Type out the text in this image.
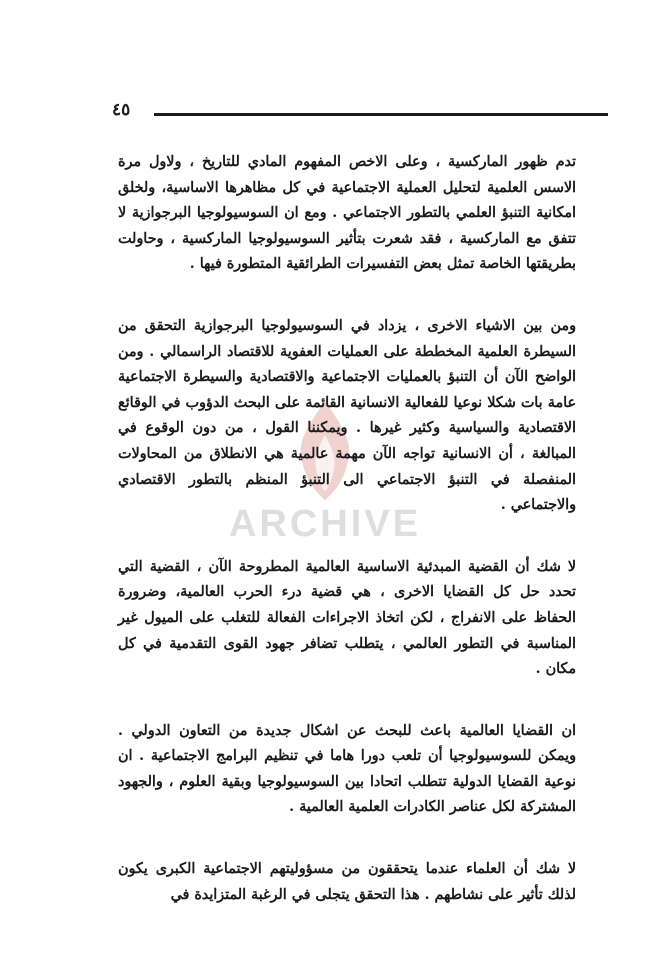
٤٥
ARCHIVE

تدم ظهور الماركسية ، وعلى الاخص المفهوم المادي للتاريخ ، ولاول مرة الاسس العلمية لتحليل العملية الاجتماعية في كل مظاهرها الاساسية، ولخلق امكانية التنبؤ العلمي بالتطور الاجتماعي . ومع ان السوسيولوجيا البرجوازية لا تتفق مع الماركسية ، فقد شعرت بتأثير السوسيولوجيا الماركسية ، وحاولت بطريقتها الخاصة تمثل بعض التفسيرات الطرائقية المتطورة فيها .

ومن بين الاشياء الاخرى ، يزداد في السوسيولوجيا البرجوازية التحقق من السيطرة العلمية المخططة على العمليات العفوية للاقتصاد الراسمالي . ومن الواضح الآن أن التنبؤ بالعمليات الاجتماعية والاقتصادية والسيطرة الاجتماعية عامة بات شكلا نوعيا للفعالية الانسانية القائمة على البحث الدؤوب في الوقائع الاقتصادية والسياسية وكثير غيرها . ويمكننا القول ، من دون الوقوع في المبالغة ، أن الانسانية تواجه الآن مهمة عالمية هي الانطلاق من المحاولات المنفصلة في التنبؤ الاجتماعي الى التنبؤ المنظم بالتطور الاقتصادي والاجتماعي .

لا شك أن القضية المبدئية الاساسية العالمية المطروحة الآن ، القضية التي تحدد حل كل القضايا الاخرى ، هي قضية درء الحرب العالمية، وضرورة الحفاظ على الانفراج ، لكن اتخاذ الاجراءات الفعالة للتغلب على الميول غير المناسبة في التطور العالمي ، يتطلب تضافر جهود القوى التقدمية في كل مكان .

ان القضايا العالمية باعث للبحث عن اشكال جديدة من التعاون الدولي . ويمكن للسوسيولوجيا أن تلعب دورا هاما في تنظيم البرامج الاجتماعية . ان نوعية القضايا الدولية تتطلب اتحادا بين السوسيولوجيا وبقية العلوم ، والجهود المشتركة لكل عناصر الكادرات العلمية العالمية .

لا شك أن العلماء عندما يتحققون من مسؤوليتهم الاجتماعية الكبرى يكون لذلك تأثير على نشاطهم . هذا التحقق يتجلى في الرغبة المتزايدة في
